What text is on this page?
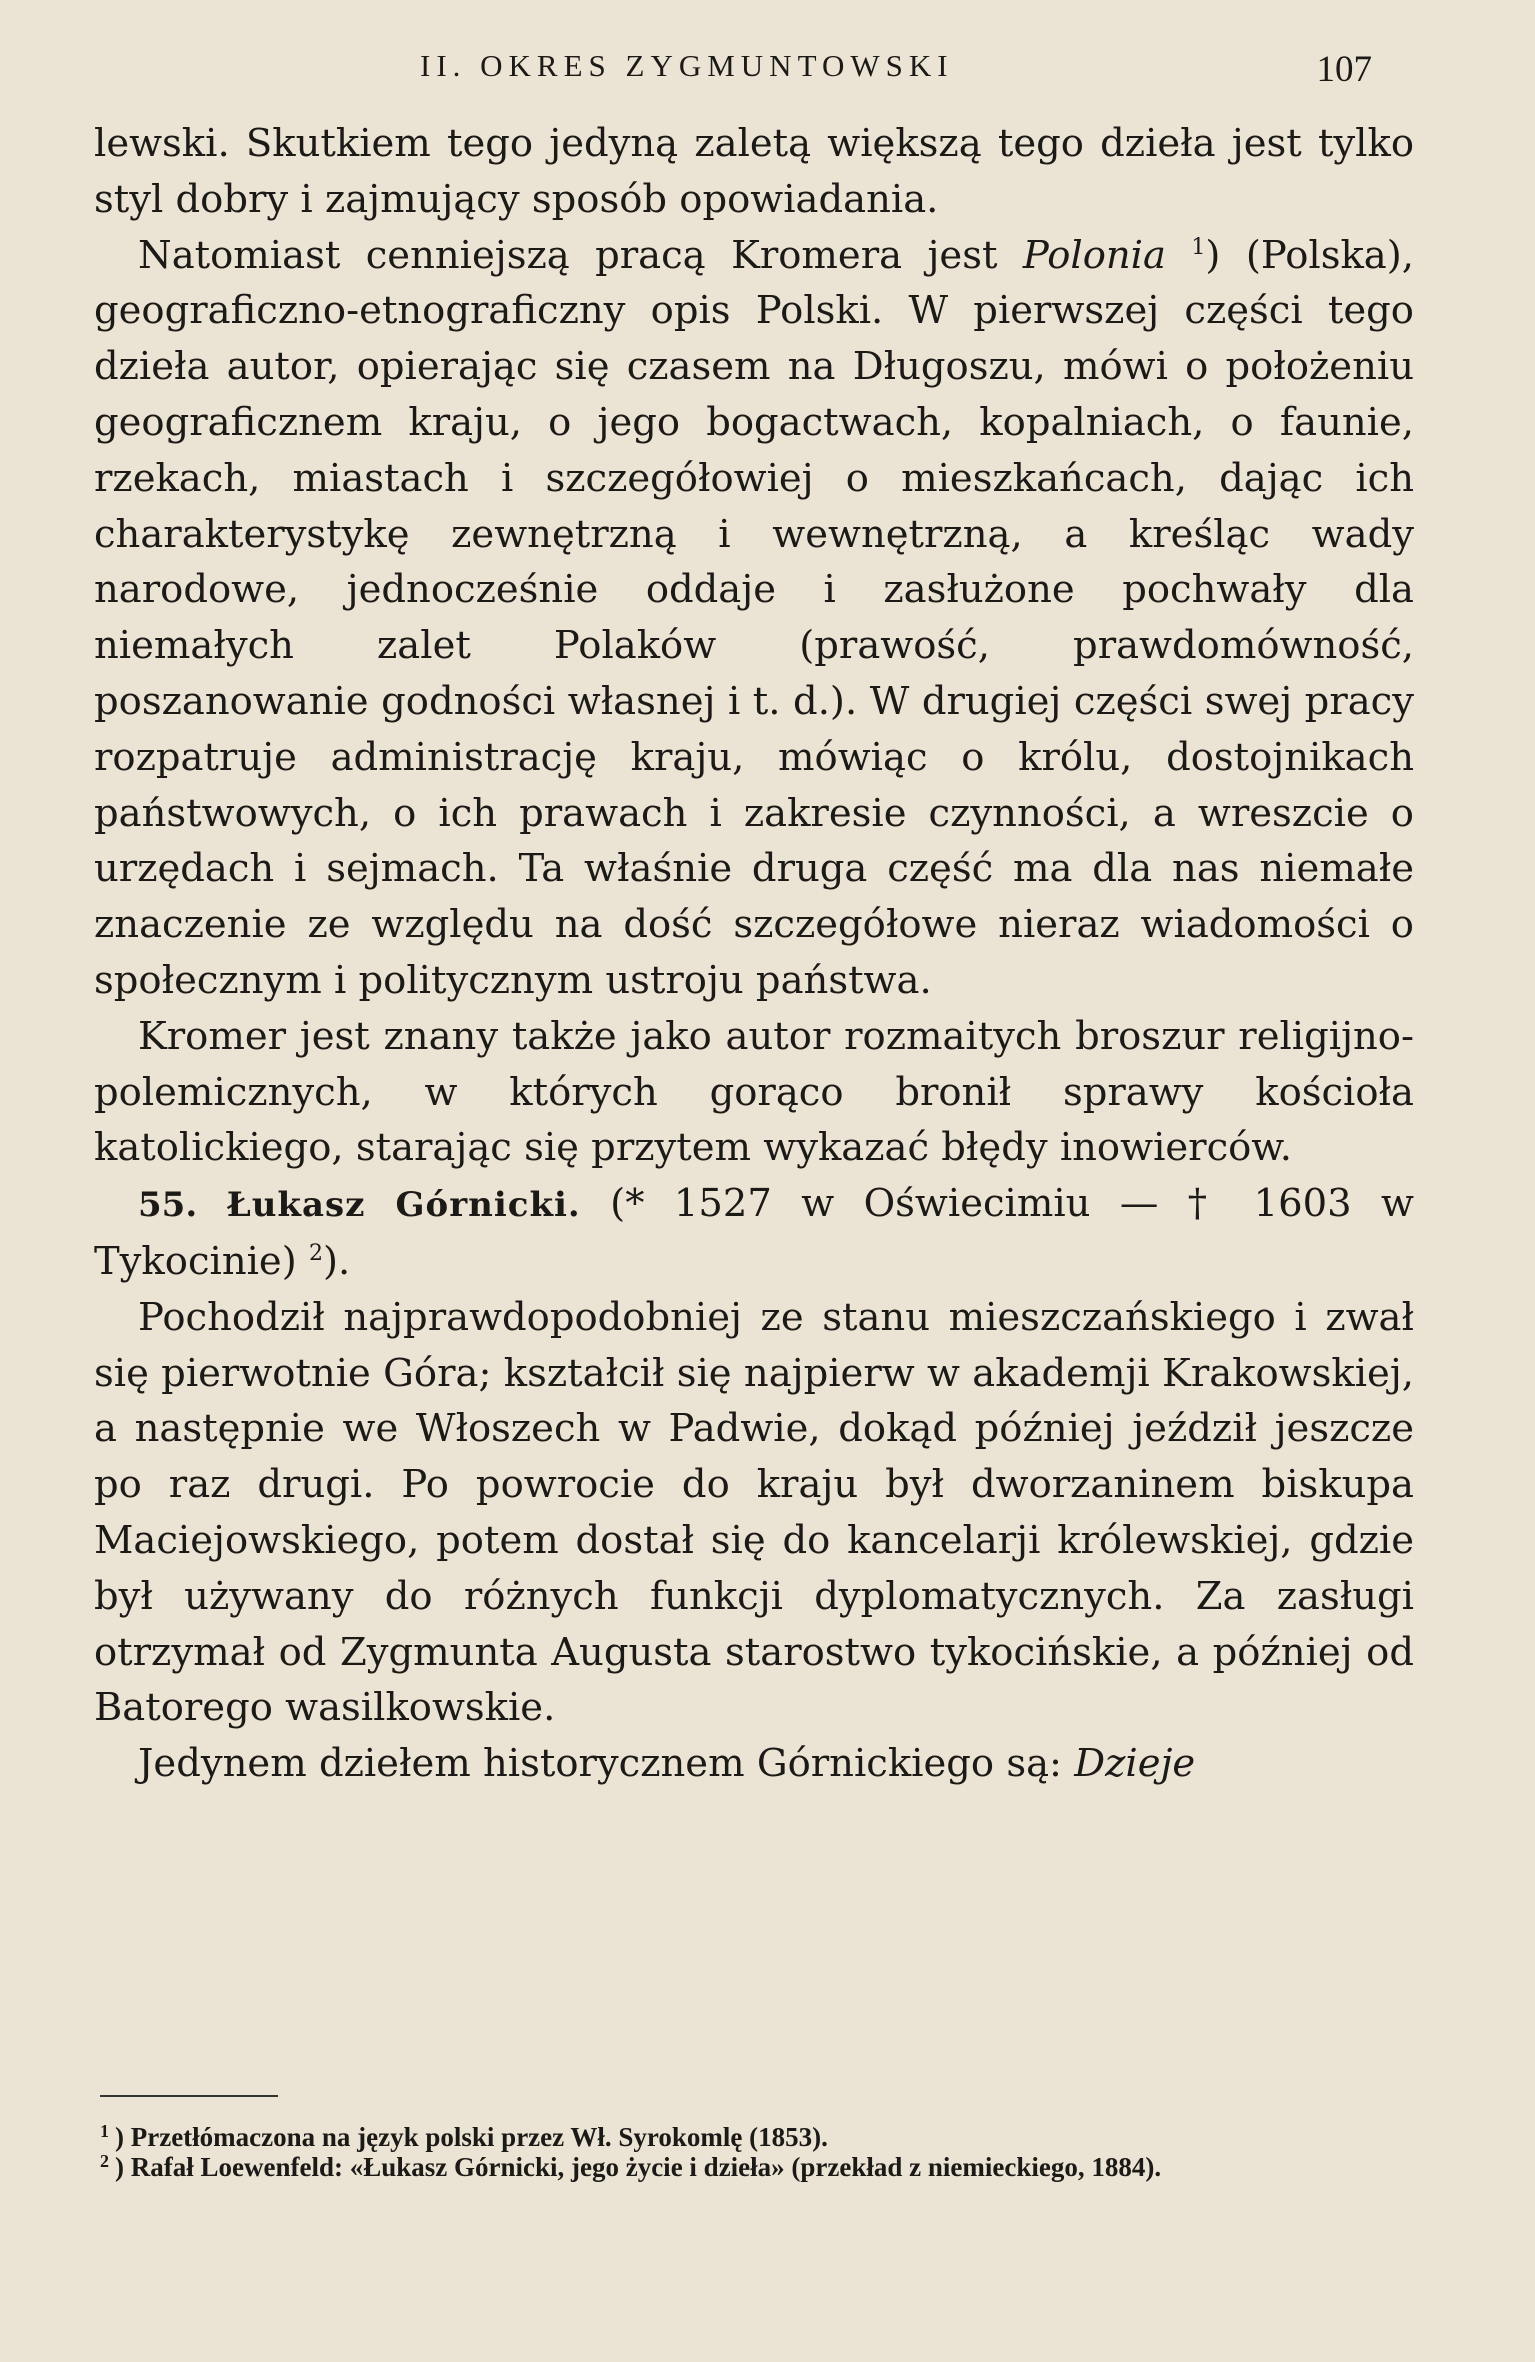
II. OKRES ZYGMUNTOWSKI	107

lewski. Skutkiem tego jedyną zaletą większą tego dzieła jest tylko styl dobry i zajmujący sposób opowiadania.

Natomiast cenniejszą pracą Kromera jest Polonia $^1$) (Polska), geograficzno-etnograficzny opis Polski. W pierwszej części tego dzieła autor, opierając się czasem na Długoszu, mówi o położeniu geograficznem kraju, o jego bogactwach, kopalniach, o faunie, rzekach, miastach i szczegółowiej o mieszkańcach, dając ich charakterystykę zewnętrzną i wewnętrzną, a kreśląc wady narodowe, jednocześnie oddaje i zasłużone pochwały dla niemałych zalet Polaków (prawość, prawdomówność, poszanowanie godności własnej i t. d.). W drugiej części swej pracy rozpatruje administrację kraju, mówiąc o królu, dostojnikach państwowych, o ich prawach i zakresie czynności, a wreszcie o urzędach i sejmach. Ta właśnie druga część ma dla nas niemałe znaczenie ze względu na dość szczegółowe nieraz wiadomości o społecznym i politycznym ustroju państwa.

Kromer jest znany także jako autor rozmaitych broszur religijno-polemicznych, w których gorąco bronił sprawy kościoła katolickiego, starając się przytem wykazać błędy inowierców.

55. Łukasz Górnicki. (* 1527 w Oświecimiu — † 1603 w Tykocinie) $^2$).

Pochodził najprawdopodobniej ze stanu mieszczańskiego i zwał się pierwotnie Góra; kształcił się najpierw w akademji Krakowskiej, a następnie we Włoszech w Padwie, dokąd później jeździł jeszcze po raz drugi. Po powrocie do kraju był dworzaninem biskupa Maciejowskiego, potem dostał się do kancelarji królewskiej, gdzie był używany do różnych funkcji dyplomatycznych. Za zasługi otrzymał od Zygmunta Augusta starostwo tykocińskie, a później od Batorego wasilkowskie.

Jedynem dziełem historycznem Górnickiego są: Dzieje

$^1$ ) Przetłómaczona na język polski przez Wł. Syrokomlę (1853).

$^2$ ) Rafał Loewenfeld: «Łukasz Górnicki, jego życie i dzieła» (przekład z niemieckiego, 1884).
